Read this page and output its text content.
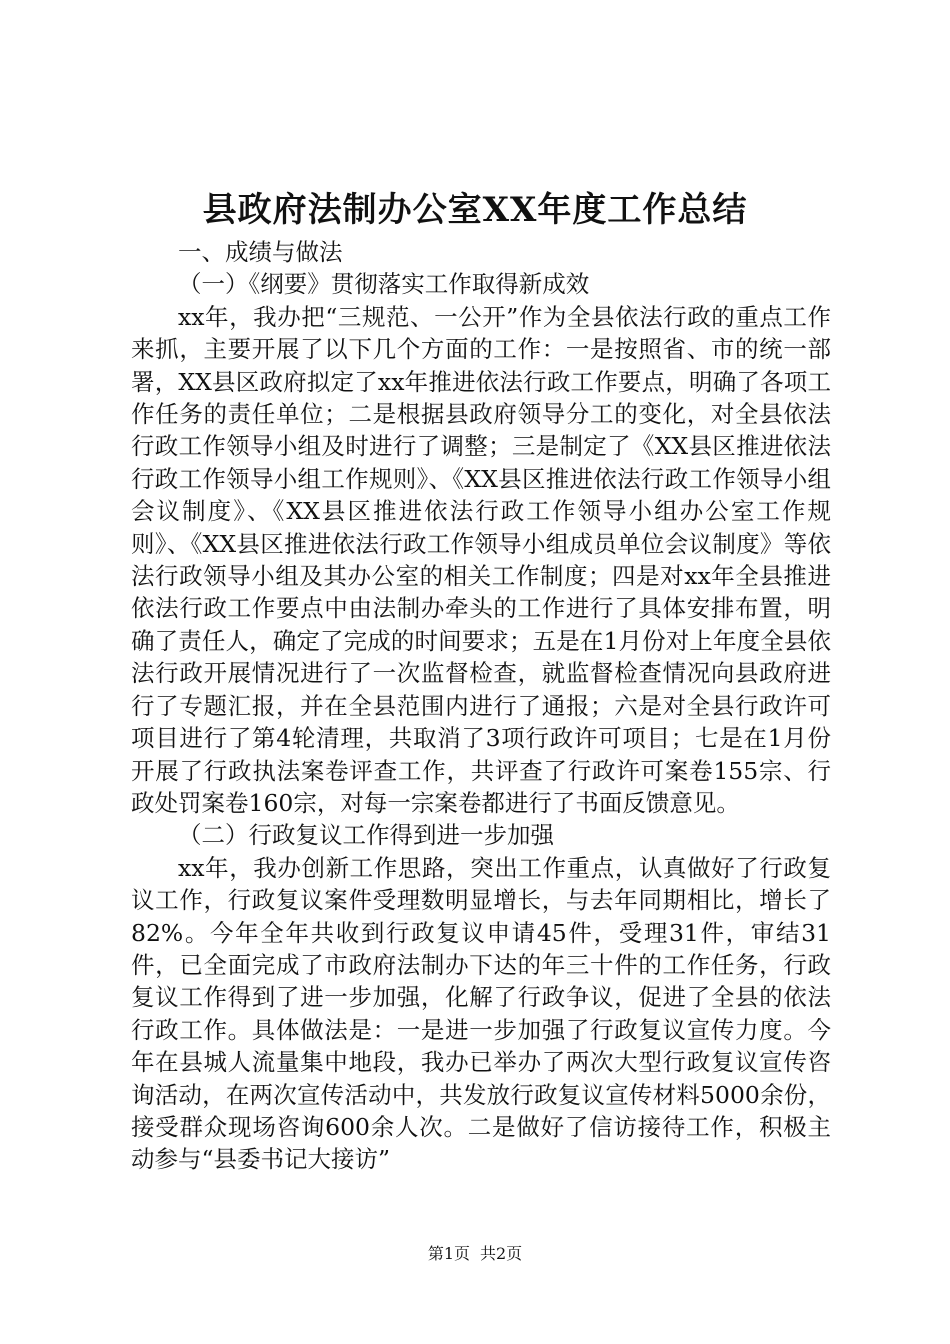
县政府法制办公室XX年度工作总结
一、成绩与做法
（一）《纲要》贯彻落实工作取得新成效

xx年，我办把“三规范、一公开”作为全县依法行政的重点工作来抓，主要开展了以下几个方面的工作：一是按照省、市的统一部署，XX县区政府拟定了xx年推进依法行政工作要点，明确了各项工作任务的责任单位；二是根据县政府领导分工的变化，对全县依法行政工作领导小组及时进行了调整；三是制定了《XX县区推进依法行政工作领导小组工作规则》、《XX县区推进依法行政工作领导小组会议制度》、《XX县区推进依法行政工作领导小组办公室工作规则》、《XX县区推进依法行政工作领导小组成员单位会议制度》等依法行政领导小组及其办公室的相关工作制度；四是对xx年全县推进依法行政工作要点中由法制办牵头的工作进行了具体安排布置，明确了责任人，确定了完成的时间要求；五是在1月份对上年度全县依法行政开展情况进行了一次监督检查，就监督检查情况向县政府进行了专题汇报，并在全县范围内进行了通报；六是对全县行政许可项目进行了第4轮清理，共取消了3项行政许可项目；七是在1月份开展了行政执法案卷评查工作，共评查了行政许可案卷155宗、行政处罚案卷160宗，对每一宗案卷都进行了书面反馈意见。

（二）行政复议工作得到进一步加强

xx年，我办创新工作思路，突出工作重点，认真做好了行政复议工作，行政复议案件受理数明显增长，与去年同期相比，增长了82%。今年全年共收到行政复议申请45件，受理31件，审结31件，已全面完成了市政府法制办下达的年三十件的工作任务，行政复议工作得到了进一步加强，化解了行政争议，促进了全县的依法行政工作。具体做法是：一是进一步加强了行政复议宣传力度。今年在县城人流量集中地段，我办已举办了两次大型行政复议宣传咨询活动，在两次宣传活动中，共发放行政复议宣传材料5000余份，接受群众现场咨询600余人次。二是做好了信访接待工作，积极主动参与“县委书记大接访”

第1页 共2页
